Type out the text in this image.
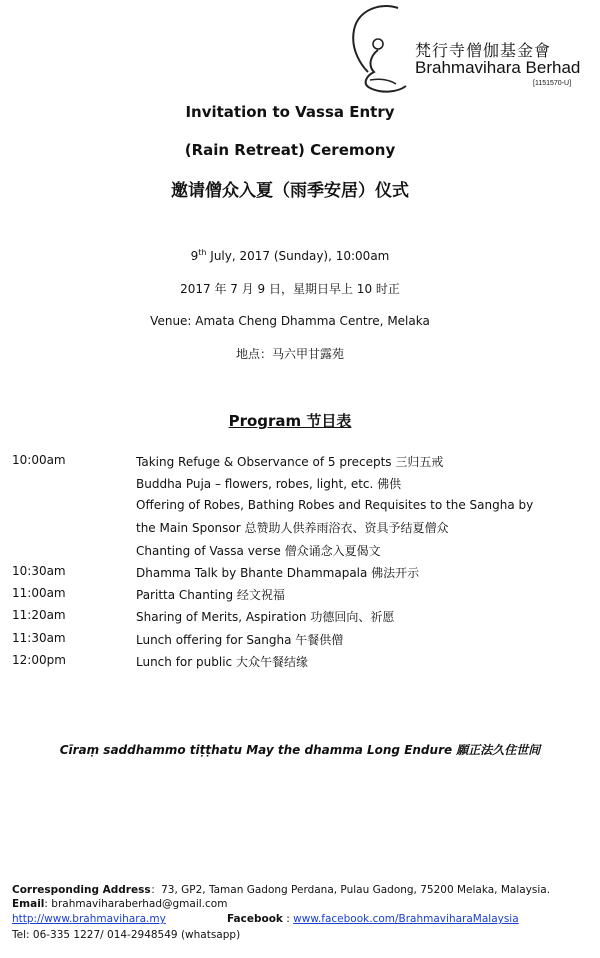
梵行寺僧伽基金會
Brahmavihara Berhad
[1151570-U]
Invitation to Vassa Entry
(Rain Retreat) Ceremony
邀请僧众入夏（雨季安居）仪式
9th July, 2017 (Sunday), 10:00am
2017 年 7 月 9 日，星期日早上 10 时正
Venue: Amata Cheng Dhamma Centre, Melaka
地点：马六甲甘露苑
Program 节目表
10:00am	Taking Refuge & Observance of 5 precepts 三归五戒
Buddha Puja – flowers, robes, light, etc. 佛供
Offering of Robes, Bathing Robes and Requisites to the Sangha by
the Main Sponsor 总赞助人供养雨浴衣、资具予结夏僧众
Chanting of Vassa verse 僧众诵念入夏偈文
10:30am	Dhamma Talk by Bhante Dhammapala 佛法开示
11:00am	Paritta Chanting 经文祝福
11:20am	Sharing of Merits, Aspiration 功德回向、祈愿
11:30am	Lunch offering for Sangha 午餐供僧
12:00pm	Lunch for public 大众午餐结缘
Cīraṃ saddhammo tiṭṭhatu May the dhamma Long Endure 願正法久住世间
Corresponding Address：73, GP2, Taman Gadong Perdana, Pulau Gadong, 75200 Melaka, Malaysia.
Email: brahmaviharaberhad@gmail.com
http://www.brahmavihara.my	Facebook : www.facebook.com/BrahmaviharaMalaysia
Tel: 06-335 1227/ 014-2948549 (whatsapp)
